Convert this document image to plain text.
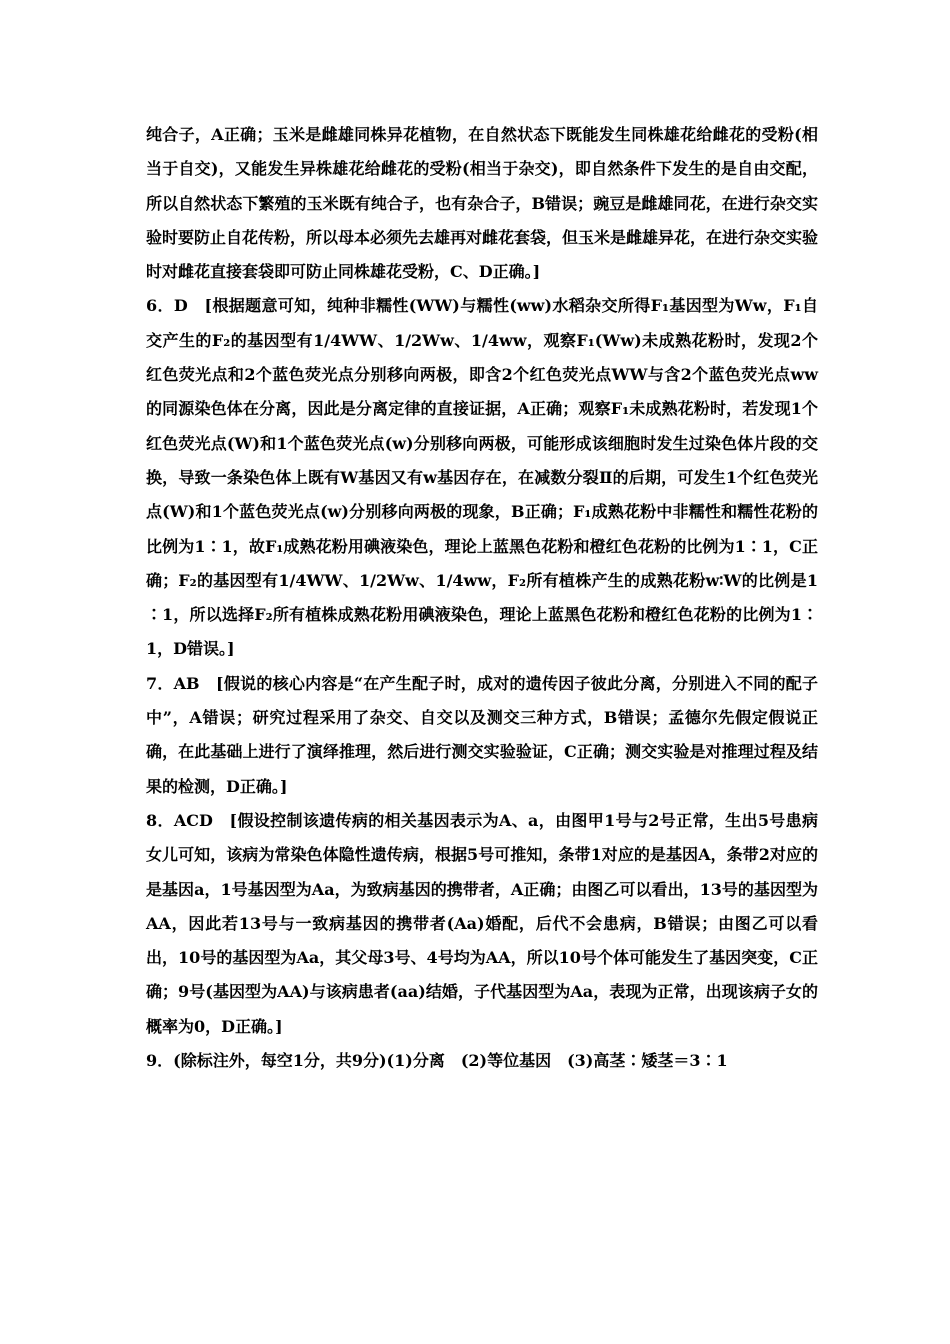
纯合子，A正确；玉米是雌雄同株异花植物，在自然状态下既能发生同株雄花给雌花的受粉(相当于自交)，又能发生异株雄花给雌花的受粉(相当于杂交)，即自然条件下发生的是自由交配，所以自然状态下繁殖的玉米既有纯合子，也有杂合子，B错误；豌豆是雌雄同花，在进行杂交实验时要防止自花传粉，所以母本必须先去雄再对雌花套袋，但玉米是雌雄异花，在进行杂交实验时对雌花直接套袋即可防止同株雄花受粉，C、D正确。]

6．D　[根据题意可知，纯种非糯性(WW)与糯性(ww)水稻杂交所得F₁基因型为Ww，F₁自交产生的F₂的基因型有1/4WW、1/2Ww、1/4ww，观察F₁(Ww)未成熟花粉时，发现2个红色荧光点和2个蓝色荧光点分别移向两极，即含2个红色荧光点WW与含2个蓝色荧光点ww的同源染色体在分离，因此是分离定律的直接证据，A正确；观察F₁未成熟花粉时，若发现1个红色荧光点(W)和1个蓝色荧光点(w)分别移向两极，可能形成该细胞时发生过染色体片段的交换，导致一条染色体上既有W基因又有w基因存在，在减数分裂Ⅱ的后期，可发生1个红色荧光点(W)和1个蓝色荧光点(w)分别移向两极的现象，B正确；F₁成熟花粉中非糯性和糯性花粉的比例为1∶1，故F₁成熟花粉用碘液染色，理论上蓝黑色花粉和橙红色花粉的比例为1∶1，C正确；F₂的基因型有1/4WW、1/2Ww、1/4ww，F₂所有植株产生的成熟花粉w∶W的比例是1∶1，所以选择F₂所有植株成熟花粉用碘液染色，理论上蓝黑色花粉和橙红色花粉的比例为1∶1，D错误。]

7．AB　[假说的核心内容是“在产生配子时，成对的遗传因子彼此分离，分别进入不同的配子中”，A错误；研究过程采用了杂交、自交以及测交三种方式，B错误；孟德尔先假定假说正确，在此基础上进行了演绎推理，然后进行测交实验验证，C正确；测交实验是对推理过程及结果的检测，D正确。]

8．ACD　[假设控制该遗传病的相关基因表示为A、a，由图甲1号与2号正常，生出5号患病女儿可知，该病为常染色体隐性遗传病，根据5号可推知，条带1对应的是基因A，条带2对应的是基因a，1号基因型为Aa，为致病基因的携带者，A正确；由图乙可以看出，13号的基因型为AA，因此若13号与一致病基因的携带者(Aa)婚配，后代不会患病，B错误；由图乙可以看出，10号的基因型为Aa，其父母3号、4号均为AA，所以10号个体可能发生了基因突变，C正确；9号(基因型为AA)与该病患者(aa)结婚，子代基因型为Aa，表现为正常，出现该病子女的概率为0，D正确。]

9．(除标注外，每空1分，共9分)(1)分离　(2)等位基因　(3)高茎∶矮茎＝3∶1
